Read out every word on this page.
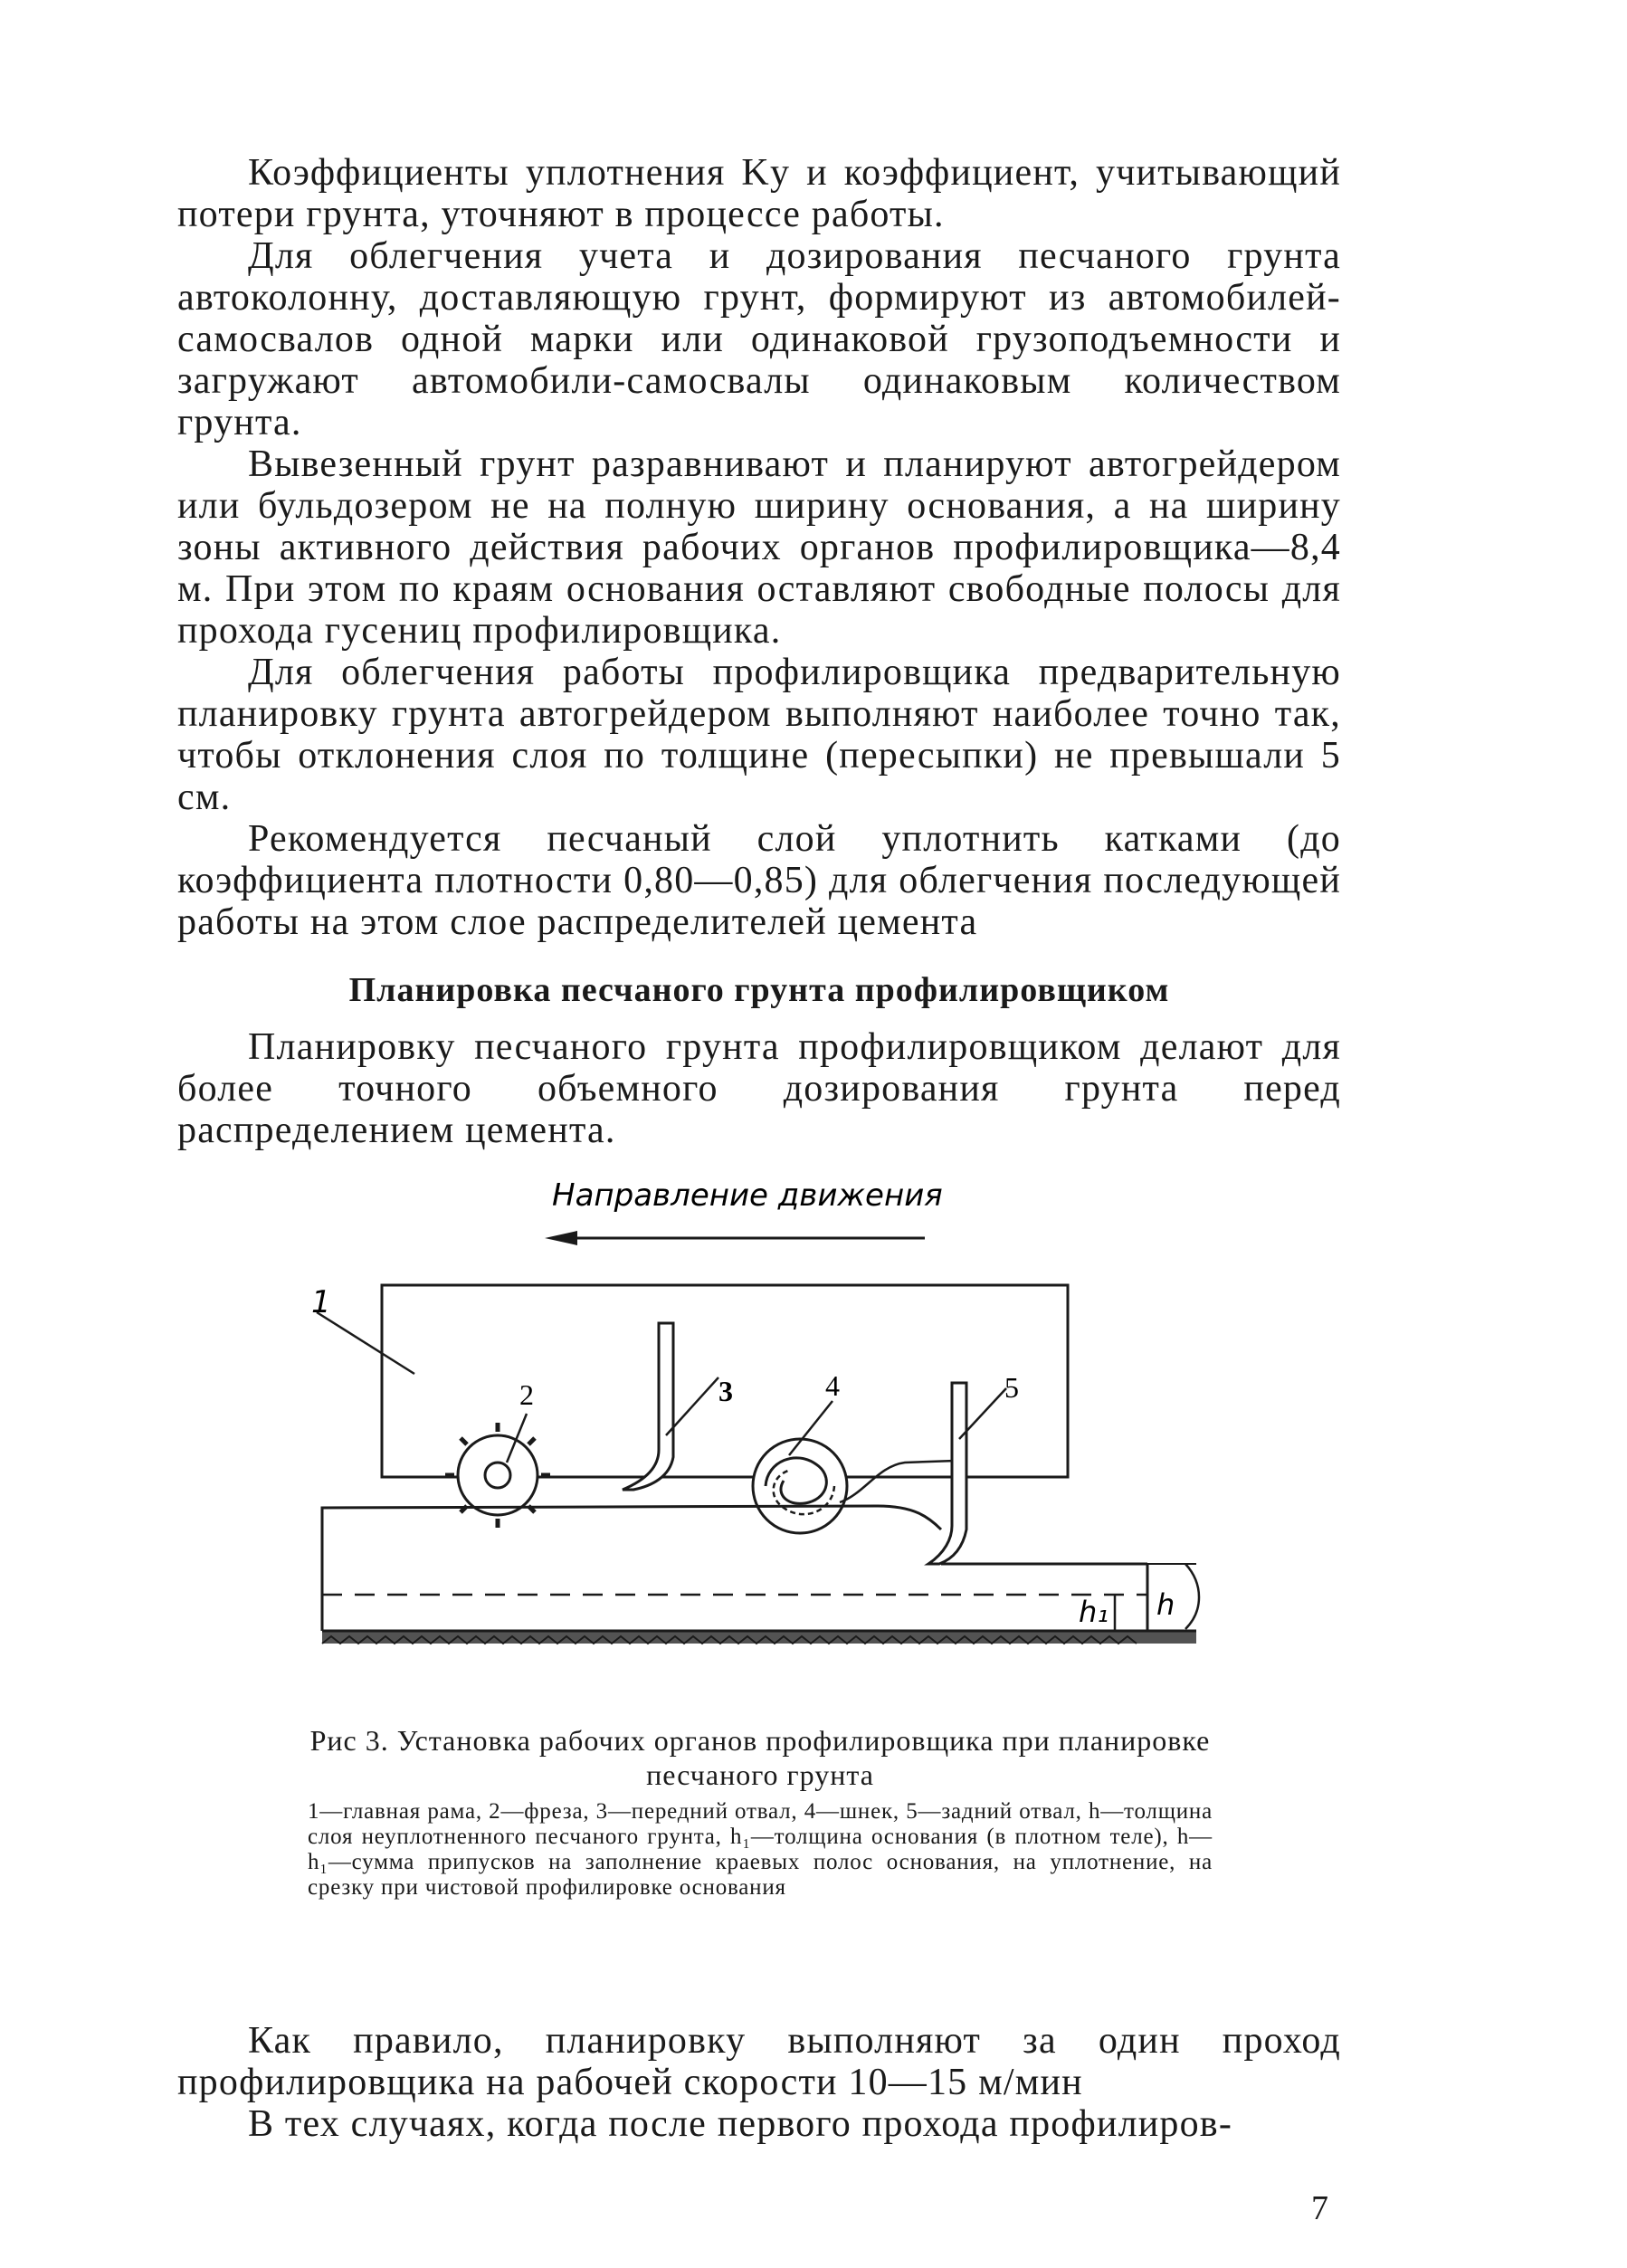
Коэффициенты уплотнения Kу и коэффициент, учитывающий потери грунта, уточняют в процессе работы.

Для облегчения учета и дозирования песчаного грунта автоколонну, доставляющую грунт, формируют из автомобилей-самосвалов одной марки или одинаковой грузоподъемности и загружают автомобили-самосвалы одинаковым количеством грунта.

Вывезенный грунт разравнивают и планируют автогрейдером или бульдозером не на полную ширину основания, а на ширину зоны активного действия рабочих органов профилировщика—8,4 м. При этом по краям основания оставляют свободные полосы для прохода гусениц профилировщика.

Для облегчения работы профилировщика предварительную планировку грунта автогрейдером выполняют наиболее точно так, чтобы отклонения слоя по толщине (пересыпки) не превышали 5 см.

Рекомендуется песчаный слой уплотнить катками (до коэффициента плотности 0,80—0,85) для облегчения последующей работы на этом слое распределителей цемента

Планировка песчаного грунта профилировщиком

Планировку песчаного грунта профилировщиком делают для более точного объемного дозирования грунта перед распределением цемента.

Направление движения
1
2	3	4	5
h₁ h
Рис 3. Установка рабочих органов профилировщика при планировке песчаного грунта
1—главная рама, 2—фреза, 3—передний отвал, 4—шнек, 5—задний отвал, h—толщина слоя неуплотненного песчаного грунта, h₁—толщина основания (в плотном теле), h—h₁—сумма припусков на заполнение краевых полос основания, на уплотнение, на срезку при чистовой профилировке основания

Как правило, планировку выполняют за один проход профилировщика на рабочей скорости 10—15 м/мин

В тех случаях, когда после первого прохода профилиров-

7
